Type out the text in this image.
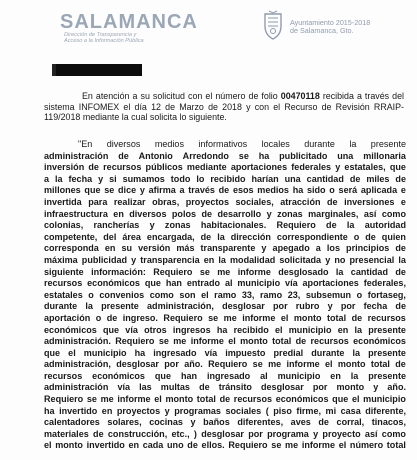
SALAMANCA
Dirección de Transparencia y Acceso a la Información Pública
Ayuntamiento 2015-2018
de Salamanca, Gto.
En atención a su solicitud con el número de folio 00470118 recibida a través del sistema INFOMEX el día 12 de Marzo de 2018 y con el Recurso de Revisión RRAIP-119/2018 mediante la cual solicita lo siguiente.
"En diversos medios informativos locales durante la presente
administración de Antonio Arredondo se ha publicitado una millonaria
inversión de recursos públicos mediante aportaciones federales y estatales, que
a la fecha y si sumamos todo lo recibido harían una cantidad de miles de
millones que se dice y afirma a través de esos medios ha sido o será aplicada e
invertida para realizar obras, proyectos sociales, atracción de inversiones e
infraestructura en diversos polos de desarrollo y zonas marginales, así como
colonias, rancherías y zonas habitacionales. Requiero de la autoridad
competente, del área encargada, de la dirección correspondiente o de quien
corresponda en su versión más transparente y apegado a los principios de
máxima publicidad y transparencia en la modalidad solicitada y no presencial la
siguiente información: Requiero se me informe desglosado la cantidad de
recursos económicos que han entrado al municipio vía aportaciones federales,
estatales o convenios como son el ramo 33, ramo 23, subsemun o fortaseg,
durante la presente administración, desglosar por rubro y por fecha de
aportación o de ingreso. Requiero se me informe el monto total de recursos
económicos que vía otros ingresos ha recibido el municipio en la presente
administración. Requiero se me informe el monto total de recursos económicos
que el municipio ha ingresado vía impuesto predial durante la presente
administración, desglosar por año. Requiero se me informe el monto total de
recursos económicos que han ingresado al municipio en la presente
administración vía las multas de tránsito desglosar por monto y año.
Requiero se me informe el monto total de recursos económicos que el municipio
ha invertido en proyectos y programas sociales ( piso firme, mi casa diferente,
calentadores solares, cocinas y baños diferentes, aves de corral, tinacos,
materiales de construcción, etc., ) desglosar por programa y proyecto así como
el monto invertido en cada uno de ellos. Requiero se me informe el número total
